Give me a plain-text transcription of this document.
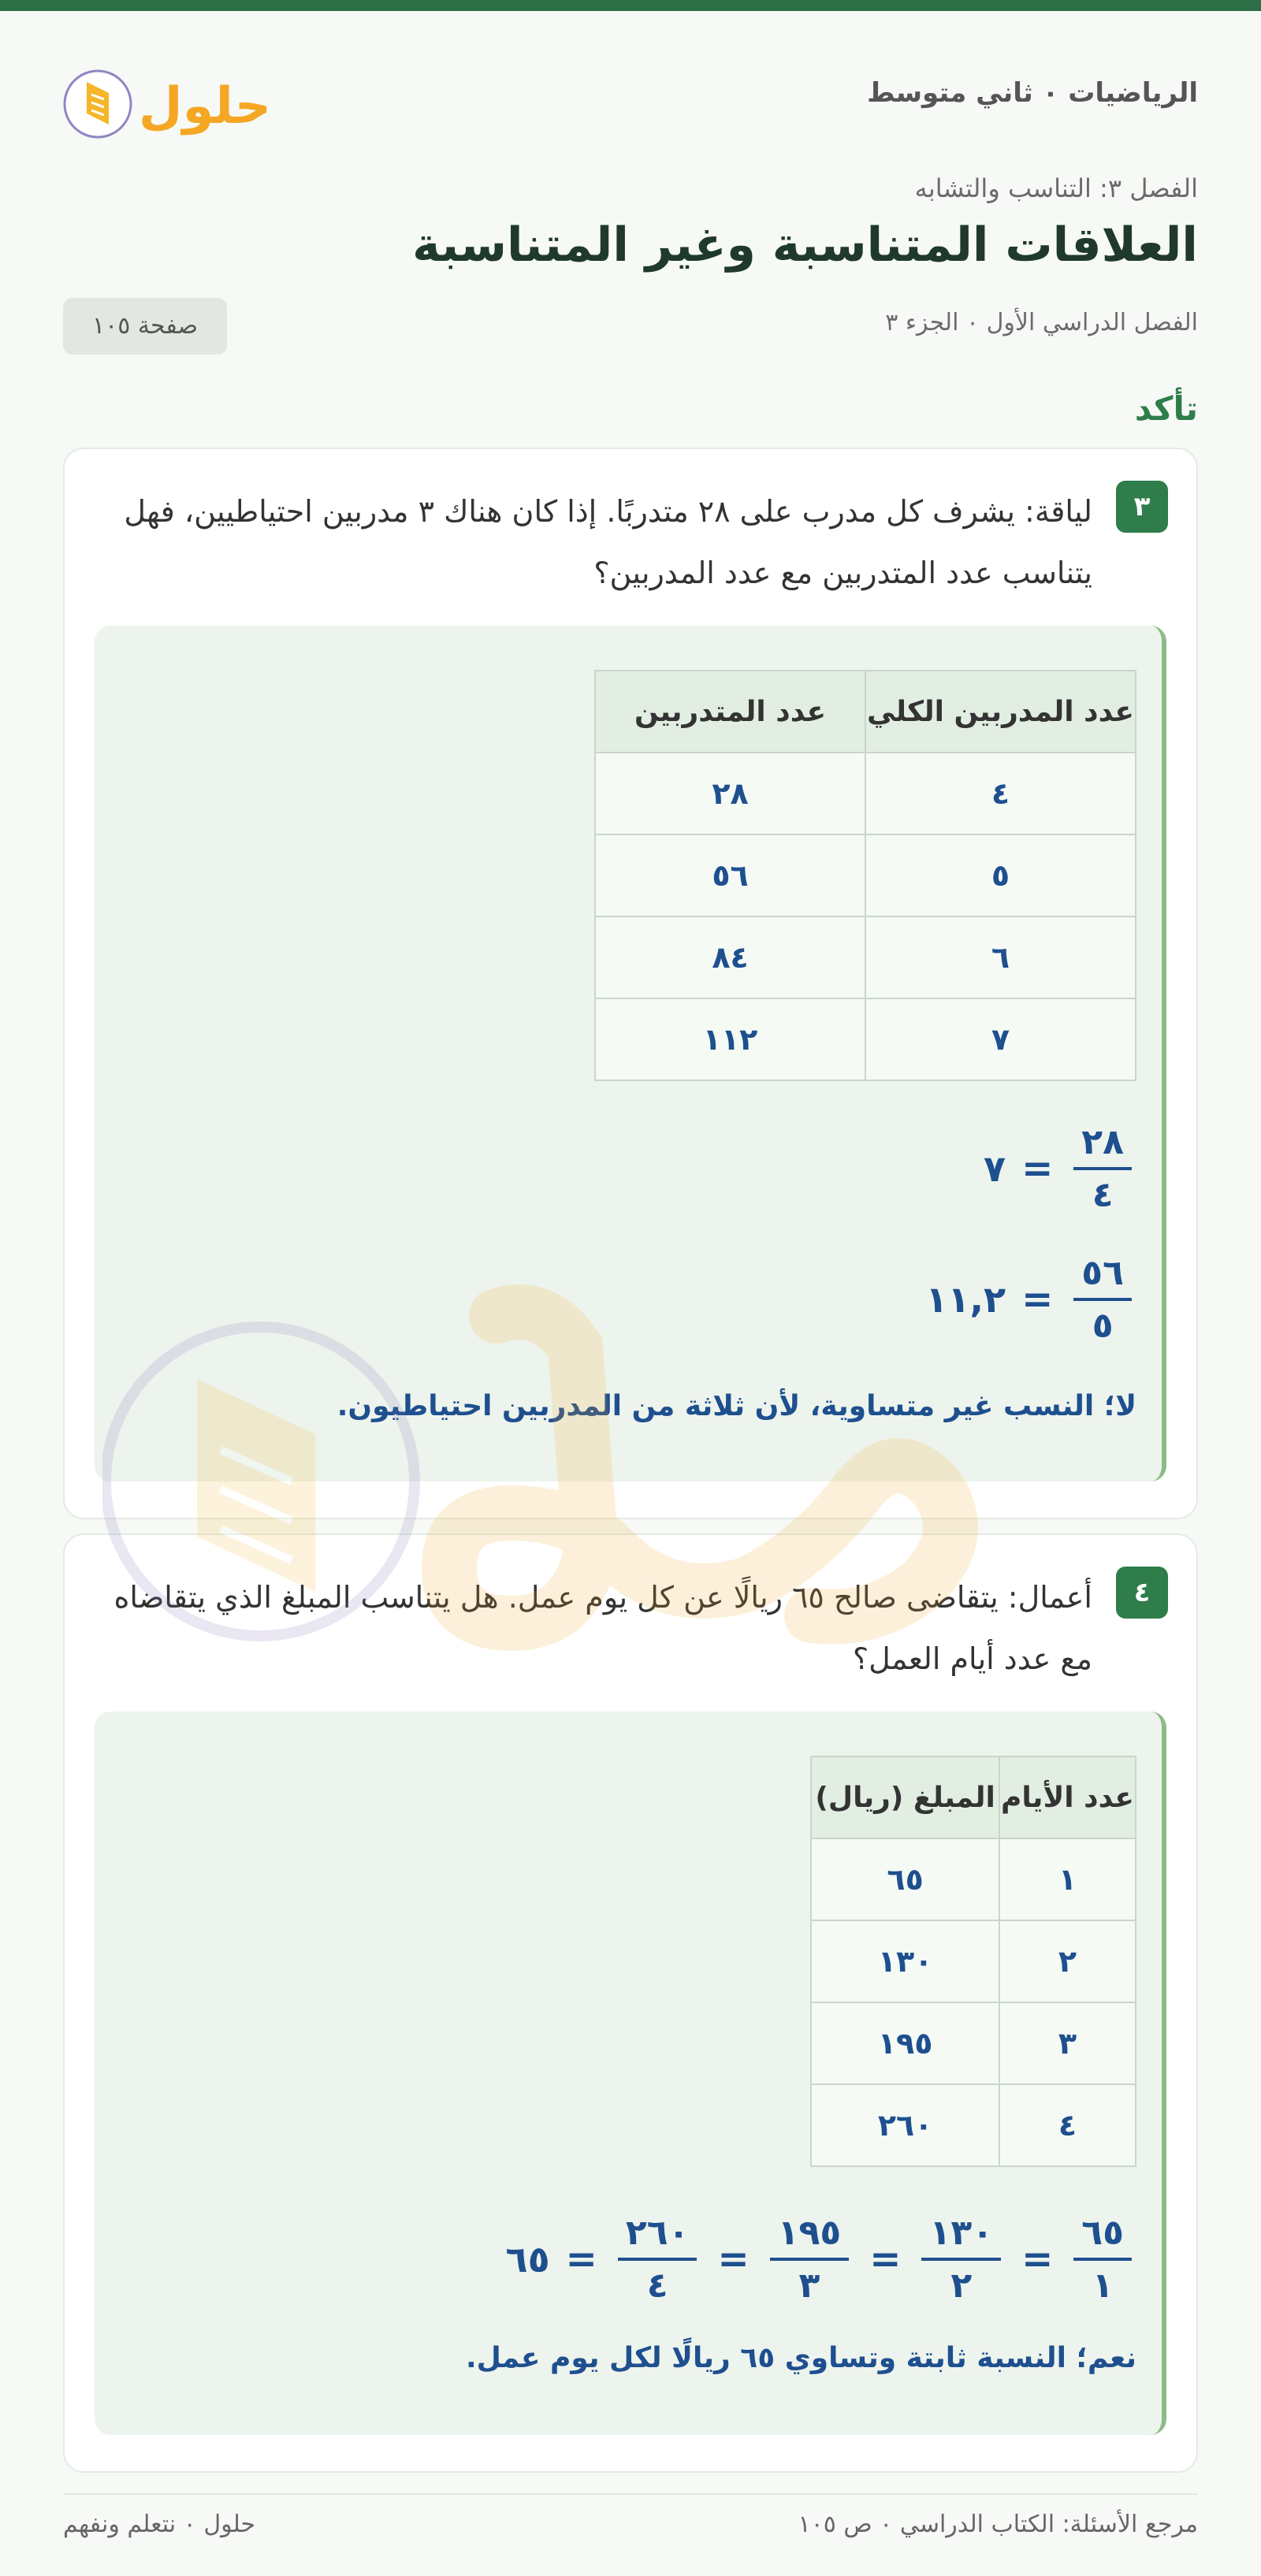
الرياضيات ٠ ثاني متوسط
حلول
الفصل ٣: التناسب والتشابه
العلاقات المتناسبة وغير المتناسبة
الفصل الدراسي الأول ٠ الجزء ٣
صفحة ١٠٥
تأكد
٣
لياقة: يشرف كل مدرب على ٢٨ متدربًا. إذا كان هناك ٣ مدربين احتياطيين، فهل يتناسب عدد المتدربين مع عدد المدربين؟
عدد المدربين الكلي	عدد المتدربين
٤	٢٨
٥	٥٦
٦	٨٤
٧	١١٢
$\frac{٢٨}{٤}$
=
٧
$\frac{٥٦}{٥}$
=
١١,٢
لا؛ النسب غير متساوية، لأن ثلاثة من المدربين احتياطيون.
٤
أعمال: يتقاضى صالح ٦٥ ريالًا عن كل يوم عمل. هل يتناسب المبلغ الذي يتقاضاه مع عدد أيام العمل؟
عدد الأيام	المبلغ (ريال)
١	٦٥
٢	١٣٠
٣	١٩٥
٤	٢٦٠
$\frac{٦٥}{١}$
=
$\frac{١٣٠}{٢}$
=
$\frac{١٩٥}{٣}$
=
$\frac{٢٦٠}{٤}$
=
٦٥
نعم؛ النسبة ثابتة وتساوي ٦٥ ريالًا لكل يوم عمل.
مرجع الأسئلة: الكتاب الدراسي ٠ ص ١٠٥
حلول ٠ نتعلم ونفهم
